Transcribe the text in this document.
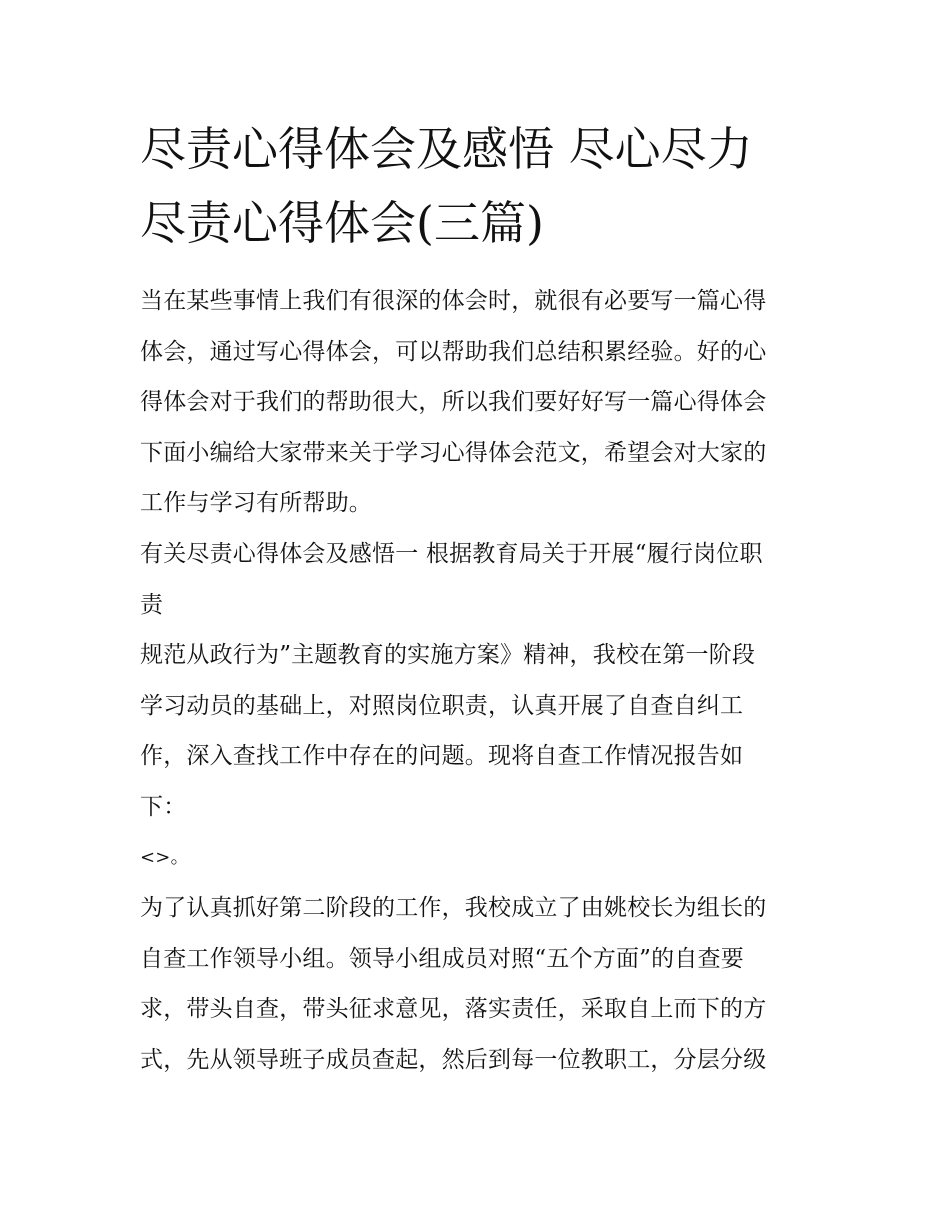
尽责心得体会及感悟 尽心尽力
尽责心得体会(三篇)
当在某些事情上我们有很深的体会时，就很有必要写一篇心得
体会，通过写心得体会，可以帮助我们总结积累经验。好的心
得体会对于我们的帮助很大，所以我们要好好写一篇心得体会
下面小编给大家带来关于学习心得体会范文，希望会对大家的
工作与学习有所帮助。
有关尽责心得体会及感悟一 根据教育局关于开展“履行岗位职
责
规范从政行为”主题教育的实施方案》精神，我校在第一阶段
学习动员的基础上，对照岗位职责，认真开展了自查自纠工
作，深入查找工作中存在的问题。现将自查工作情况报告如
下：
<>。
为了认真抓好第二阶段的工作，我校成立了由姚校长为组长的
自查工作领导小组。领导小组成员对照“五个方面”的自查要
求，带头自查，带头征求意见，落实责任，采取自上而下的方
式，先从领导班子成员查起，然后到每一位教职工，分层分级
